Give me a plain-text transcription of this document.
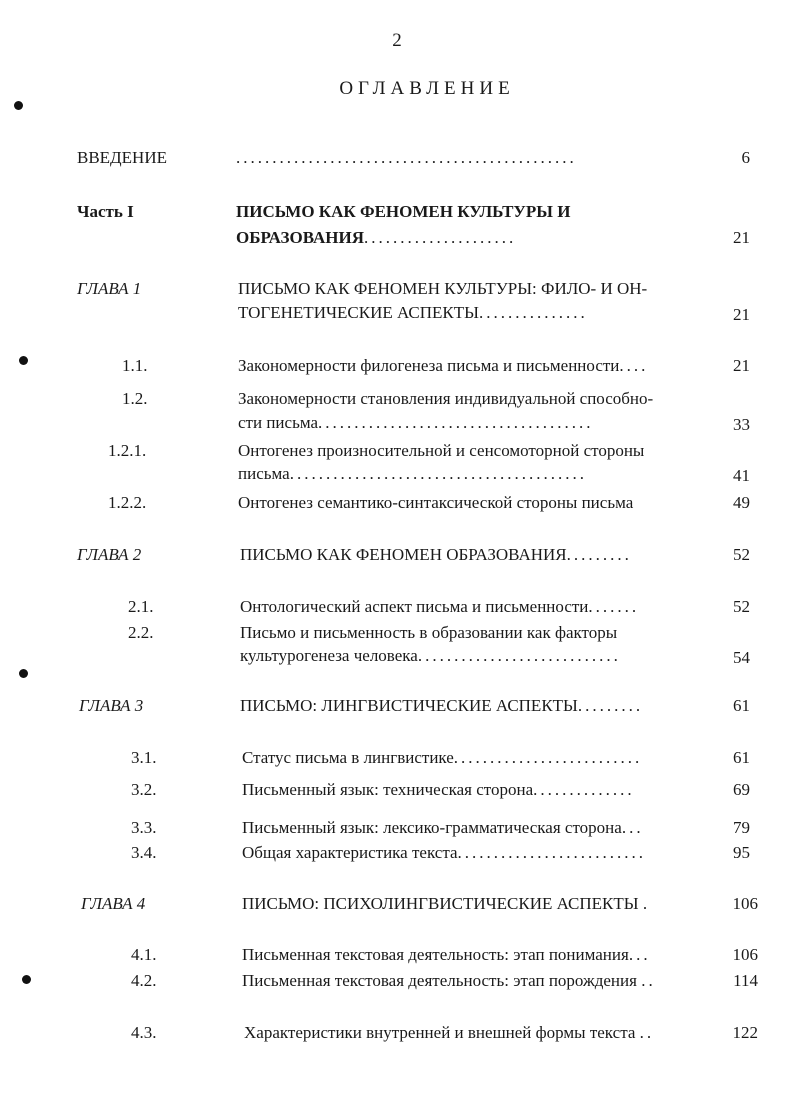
2
ОГЛАВЛЕНИЕ
ВВЕДЕНИЕ	...............................................	6
Часть I	ПИСЬМО КАК ФЕНОМЕН КУЛЬТУРЫ И
ОБРАЗОВАНИЯ.....................	21
ГЛАВА 1	ПИСЬМО КАК ФЕНОМЕН КУЛЬТУРЫ: ФИЛО- И ОН-
ТОГЕНЕТИЧЕСКИЕ АСПЕКТЫ...............	21
1.1.	Закономерности филогенеза письма и письменности....	21
1.2.	Закономерности становления индивидуальной способно-
сти письма......................................	33
1.2.1.	Онтогенез произносительной и сенсомоторной стороны
письма.........................................	41
1.2.2.	Онтогенез семантико-синтаксической стороны письма	49
ГЛАВА 2	ПИСЬМО КАК ФЕНОМЕН ОБРАЗОВАНИЯ.........	52
2.1.	Онтологический аспект письма и письменности.......	52
2.2.	Письмо и письменность в образовании как факторы
культурогенеза человека............................	54
ГЛАВА 3	ПИСЬМО: ЛИНГВИСТИЧЕСКИЕ АСПЕКТЫ.........	61
3.1.	Статус письма в лингвистике..........................	61
3.2.	Письменный язык: техническая сторона..............	69
3.3.	Письменный язык: лексико-грамматическая сторона...	79
3.4.	Общая характеристика текста..........................	95
ГЛАВА 4	ПИСЬМО: ПСИХОЛИНГВИСТИЧЕСКИЕ АСПЕКТЫ .	106
4.1.	Письменная текстовая деятельность: этап понимания...	106
4.2.	Письменная текстовая деятельность: этап порождения ..	114
4.3.	Характеристики внутренней и внешней формы текста ..	122
